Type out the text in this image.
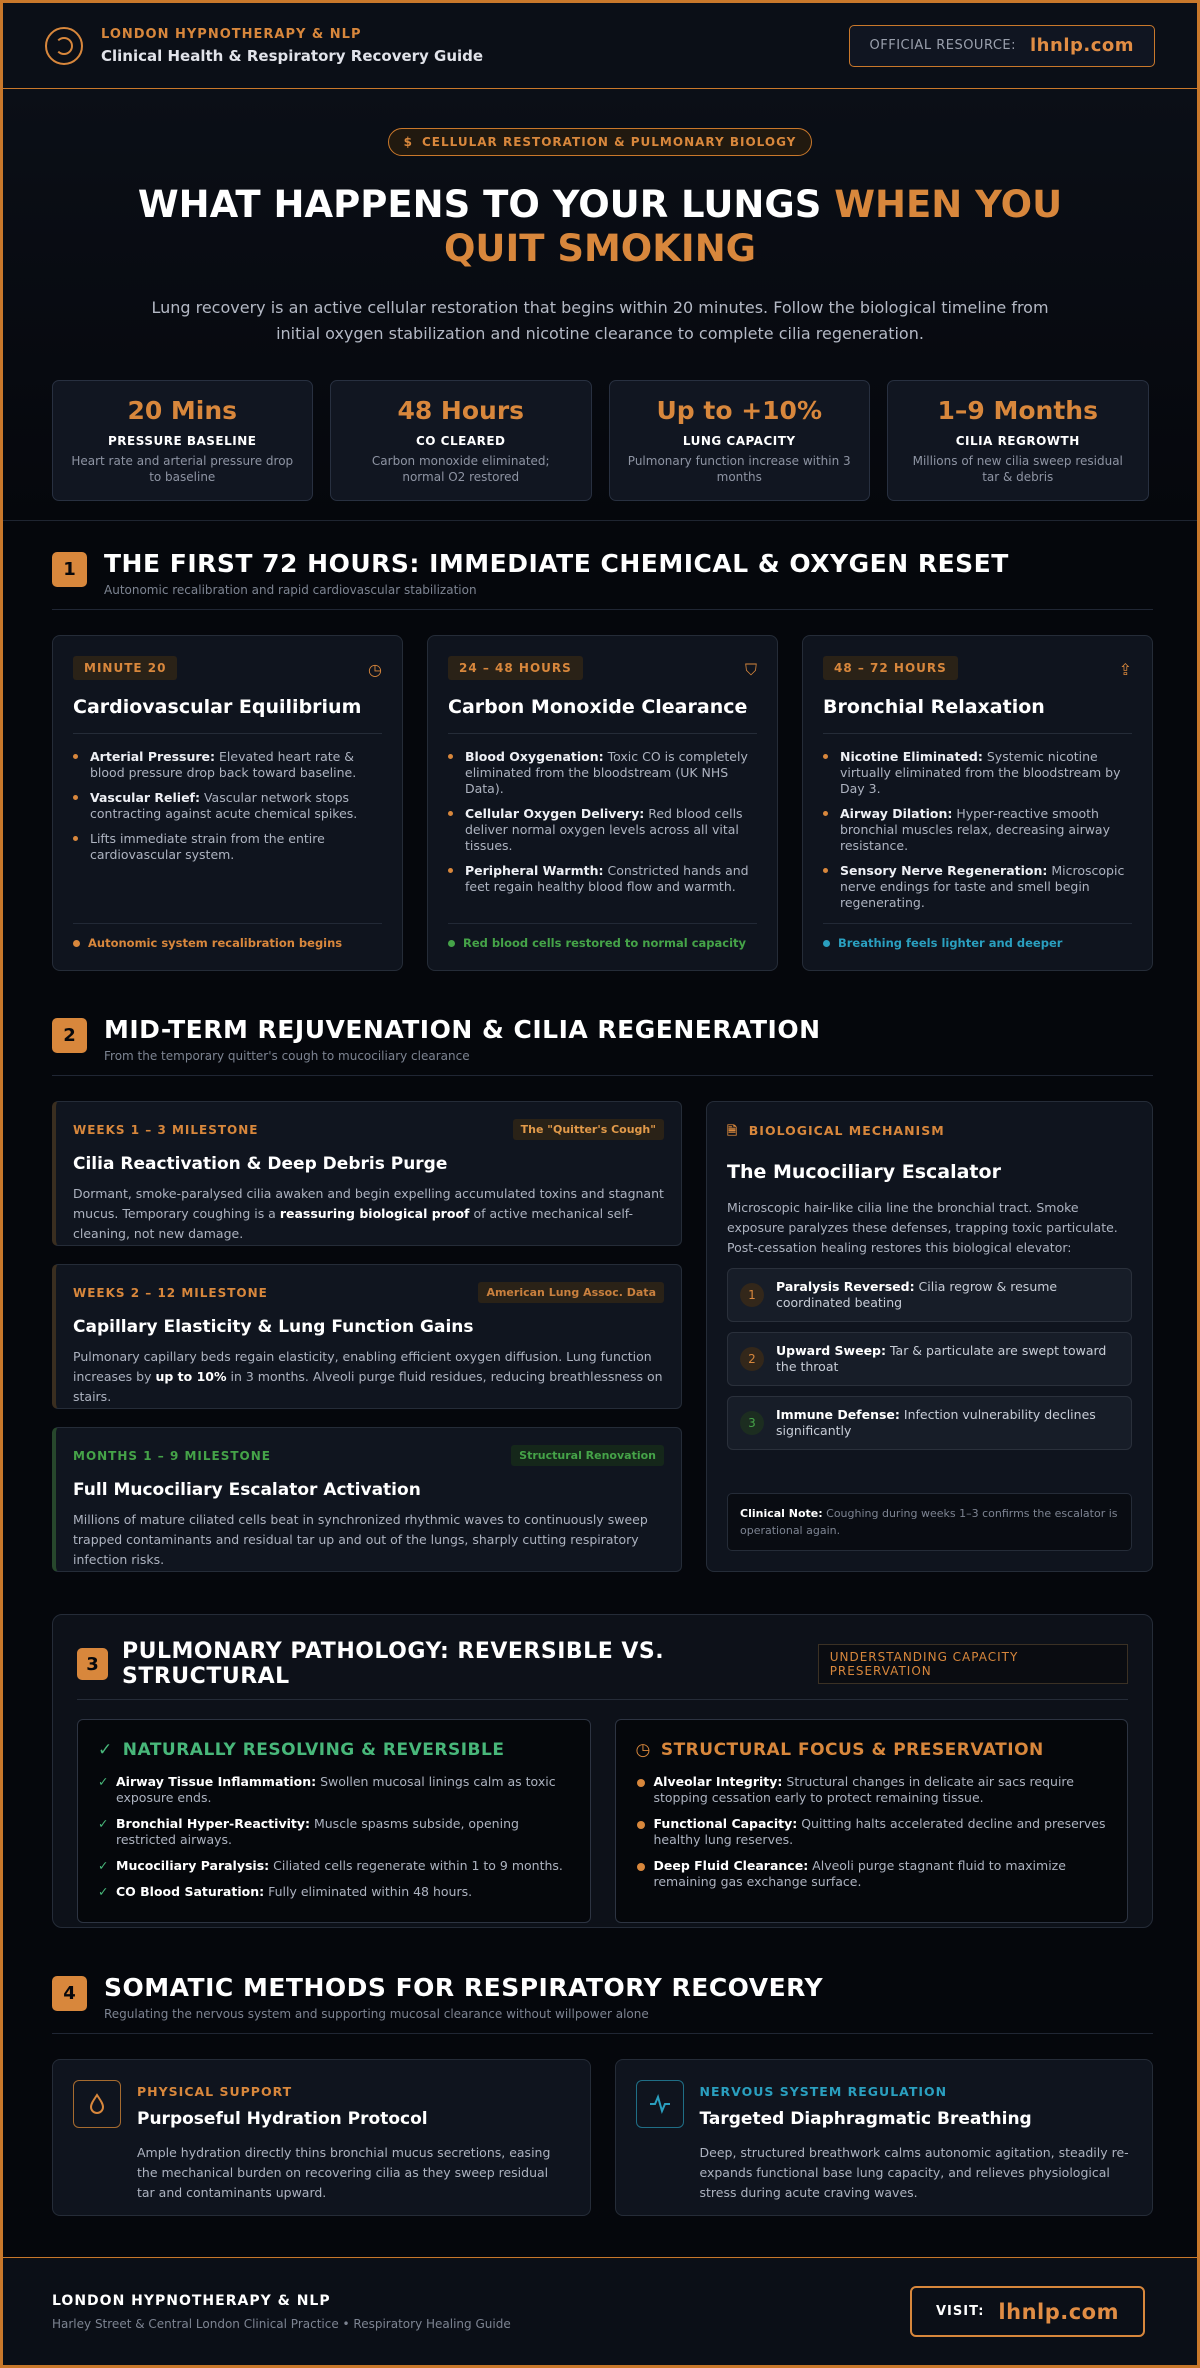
LONDON HYPNOTHERAPY & NLP
Clinical Health & Respiratory Recovery Guide
OFFICIAL RESOURCE: lhnlp.com
$ CELLULAR RESTORATION & PULMONARY BIOLOGY
WHAT HAPPENS TO YOUR LUNGS WHEN YOU QUIT SMOKING

Lung recovery is an active cellular restoration that begins within 20 minutes. Follow the biological timeline from initial oxygen stabilization and nicotine clearance to complete cilia regeneration.

20 Mins
PRESSURE BASELINE
Heart rate and arterial pressure drop to baseline
48 Hours
CO CLEARED
Carbon monoxide eliminated; normal O2 restored
Up to +10%
LUNG CAPACITY
Pulmonary function increase within 3 months
1–9 Months
CILIA REGROWTH
Millions of new cilia sweep residual tar & debris
1	THE FIRST 72 HOURS: IMMEDIATE CHEMICAL & OXYGEN RESET
Autonomic recalibration and rapid cardiovascular stabilization
MINUTE 20	◷
Cardiovascular Equilibrium
Arterial Pressure: Elevated heart rate & blood pressure drop back toward baseline.
Vascular Relief: Vascular network stops contracting against acute chemical spikes.
Lifts immediate strain from the entire cardiovascular system.
Autonomic system recalibration begins
24 – 48 HOURS	⛉
Carbon Monoxide Clearance
Blood Oxygenation: Toxic CO is completely eliminated from the bloodstream (UK NHS Data).
Cellular Oxygen Delivery: Red blood cells deliver normal oxygen levels across all vital tissues.
Peripheral Warmth: Constricted hands and feet regain healthy blood flow and warmth.
Red blood cells restored to normal capacity
48 – 72 HOURS	⇪
Bronchial Relaxation
Nicotine Eliminated: Systemic nicotine virtually eliminated from the bloodstream by Day 3.
Airway Dilation: Hyper-reactive smooth bronchial muscles relax, decreasing airway resistance.
Sensory Nerve Regeneration: Microscopic nerve endings for taste and smell begin regenerating.
Breathing feels lighter and deeper
2	MID-TERM REJUVENATION & CILIA REGENERATION
From the temporary quitter's cough to mucociliary clearance
WEEKS 1 – 3 MILESTONE	The "Quitter's Cough"
Cilia Reactivation & Deep Debris Purge

Dormant, smoke-paralysed cilia awaken and begin expelling accumulated toxins and stagnant mucus. Temporary coughing is a reassuring biological proof of active mechanical self-cleaning, not new damage.

WEEKS 2 – 12 MILESTONE	American Lung Assoc. Data
Capillary Elasticity & Lung Function Gains

Pulmonary capillary beds regain elasticity, enabling efficient oxygen diffusion. Lung function increases by up to 10% in 3 months. Alveoli purge fluid residues, reducing breathlessness on stairs.

MONTHS 1 – 9 MILESTONE	Structural Renovation
Full Mucociliary Escalator Activation

Millions of mature ciliated cells beat in synchronized rhythmic waves to continuously sweep trapped contaminants and residual tar up and out of the lungs, sharply cutting respiratory infection risks.

🗎 BIOLOGICAL MECHANISM
The Mucociliary Escalator

Microscopic hair-like cilia line the bronchial tract. Smoke exposure paralyzes these defenses, trapping toxic particulate. Post-cessation healing restores this biological elevator:

1
Paralysis Reversed: Cilia regrow & resume coordinated beating
2
Upward Sweep: Tar & particulate are swept toward the throat
3
Immune Defense: Infection vulnerability declines significantly
Clinical Note: Coughing during weeks 1–3 confirms the escalator is operational again.
3	PULMONARY PATHOLOGY: REVERSIBLE VS. STRUCTURAL
UNDERSTANDING CAPACITY PRESERVATION
✓ NATURALLY RESOLVING & REVERSIBLE
✓ Airway Tissue Inflammation: Swollen mucosal linings calm as toxic exposure ends.
✓ Bronchial Hyper-Reactivity: Muscle spasms subside, opening restricted airways.
✓ Mucociliary Paralysis: Ciliated cells regenerate within 1 to 9 months.
✓ CO Blood Saturation: Fully eliminated within 48 hours.
◷ STRUCTURAL FOCUS & PRESERVATION
Alveolar Integrity: Structural changes in delicate air sacs require stopping cessation early to protect remaining tissue.
Functional Capacity: Quitting halts accelerated decline and preserves healthy lung reserves.
Deep Fluid Clearance: Alveoli purge stagnant fluid to maximize remaining gas exchange surface.
4	SOMATIC METHODS FOR RESPIRATORY RECOVERY
Regulating the nervous system and supporting mucosal clearance without willpower alone
PHYSICAL SUPPORT
Purposeful Hydration Protocol

Ample hydration directly thins bronchial mucus secretions, easing the mechanical burden on recovering cilia as they sweep residual tar and contaminants upward.

NERVOUS SYSTEM REGULATION
Targeted Diaphragmatic Breathing

Deep, structured breathwork calms autonomic agitation, steadily re-expands functional base lung capacity, and relieves physiological stress during acute craving waves.

LONDON HYPNOTHERAPY & NLP
Harley Street & Central London Clinical Practice • Respiratory Healing Guide
VISIT: lhnlp.com
